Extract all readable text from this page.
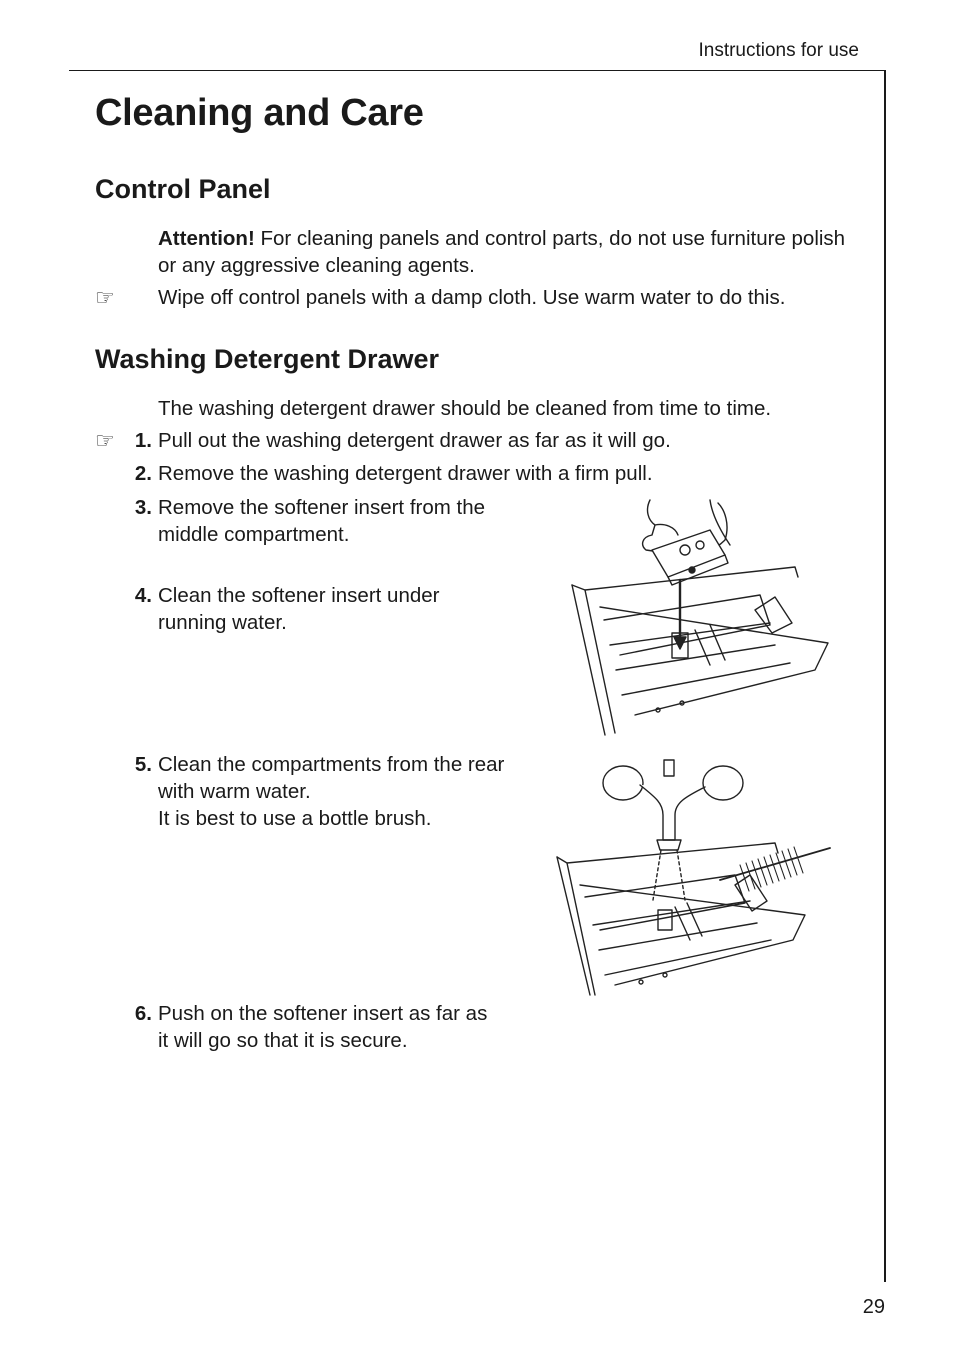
Instructions for use
Cleaning and Care
Control Panel
Attention! For cleaning panels and control parts, do not use furniture polish or any aggressive cleaning agents.
☞ Wipe off control panels with a damp cloth. Use warm water to do this.
Washing Detergent Drawer
The washing detergent drawer should be cleaned from time to time.
☞ 1. Pull out the washing detergent drawer as far as it will go.
2. Remove the washing detergent drawer with a firm pull.
3. Remove the softener insert from the middle compartment.
4. Clean the softener insert under running water.
5. Clean the compartments from the rear with warm water.
It is best to use a bottle brush.
6. Push on the softener insert as far as it will go so that it is secure.
29
